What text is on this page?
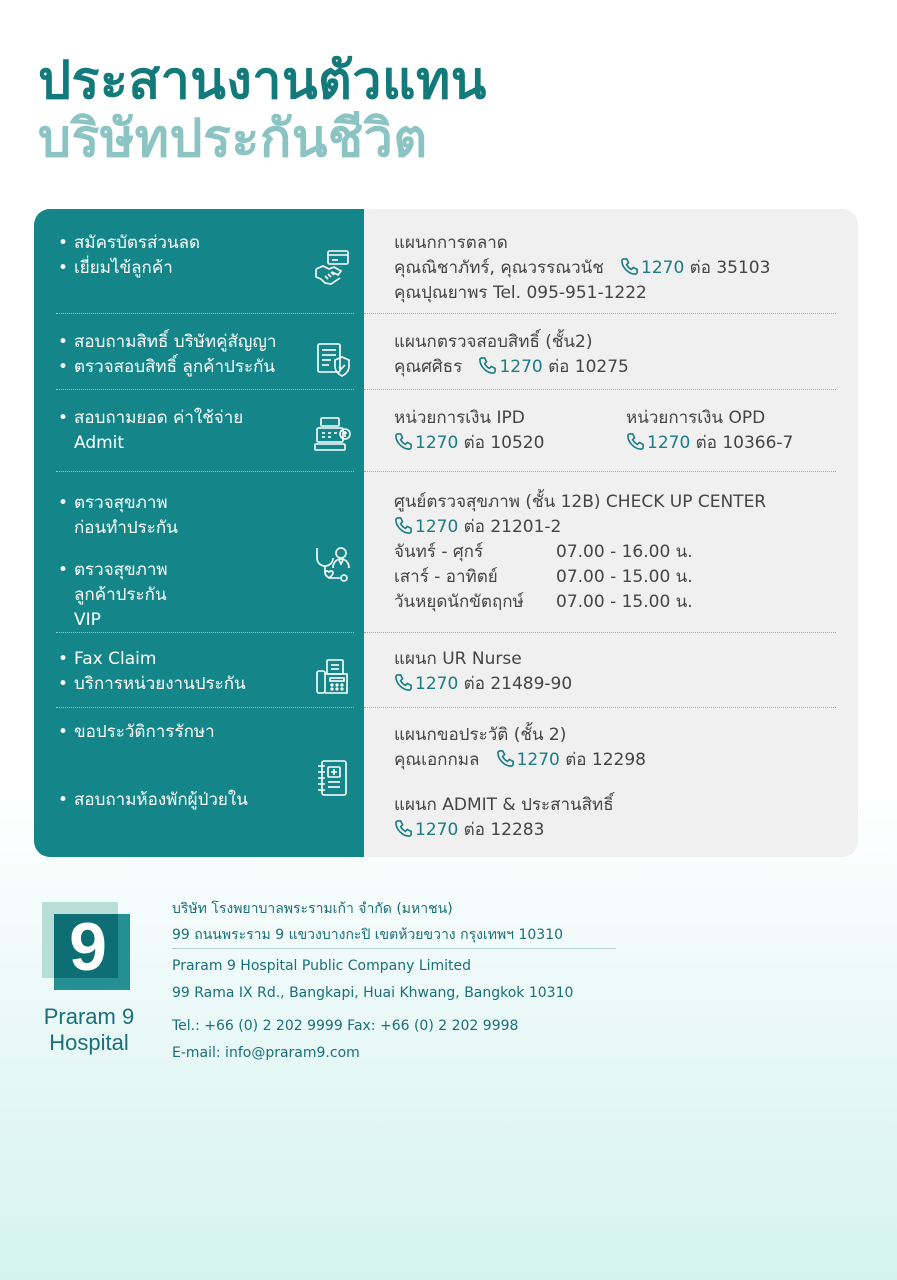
ประสานงานตัวแทน
บริษัทประกันชีวิต
• สมัครบัตรส่วนลด
• เยี่ยมไข้ลูกค้า
แผนกการตลาด
คุณณิชาภัทร์, คุณวรรณวนัช 1270 ต่อ 35103
คุณปุณยาพร Tel. 095-951-1222
• สอบถามสิทธิ์ บริษัทคู่สัญญา
• ตรวจสอบสิทธิ์ ลูกค้าประกัน
แผนกตรวจสอบสิทธิ์ (ชั้น2)
คุณศศิธร 1270 ต่อ 10275
• สอบถามยอด ค่าใช้จ่าย Admit
หน่วยการเงิน IPD
1270 ต่อ 10520
หน่วยการเงิน OPD
1270 ต่อ 10366-7
• ตรวจสุขภาพ ก่อนทำประกัน
• ตรวจสุขภาพ ลูกค้าประกัน VIP
ศูนย์ตรวจสุขภาพ (ชั้น 12B) CHECK UP CENTER
1270 ต่อ 21201-2
จันทร์ - ศุกร์	07.00 - 16.00 น.
เสาร์ - อาทิตย์	07.00 - 15.00 น.
วันหยุดนักขัตฤกษ์ 07.00 - 15.00 น.
• Fax Claim
• บริการหน่วยงานประกัน
แผนก UR Nurse
1270 ต่อ 21489-90
• ขอประวัติการรักษา
• สอบถามห้องพักผู้ป่วยใน
แผนกขอประวัติ (ชั้น 2)
คุณเอกกมล 1270 ต่อ 12298
แผนก ADMIT & ประสานสิทธิ์
1270 ต่อ 12283
9
Praram 9
Hospital
บริษัท โรงพยาบาลพระรามเก้า จำกัด (มหาชน)
99 ถนนพระราม 9 แขวงบางกะปิ เขตห้วยขวาง กรุงเทพฯ 10310
Praram 9 Hospital Public Company Limited
99 Rama IX Rd., Bangkapi, Huai Khwang, Bangkok 10310
Tel.: +66 (0) 2 202 9999 Fax: +66 (0) 2 202 9998
E-mail: info@praram9.com
